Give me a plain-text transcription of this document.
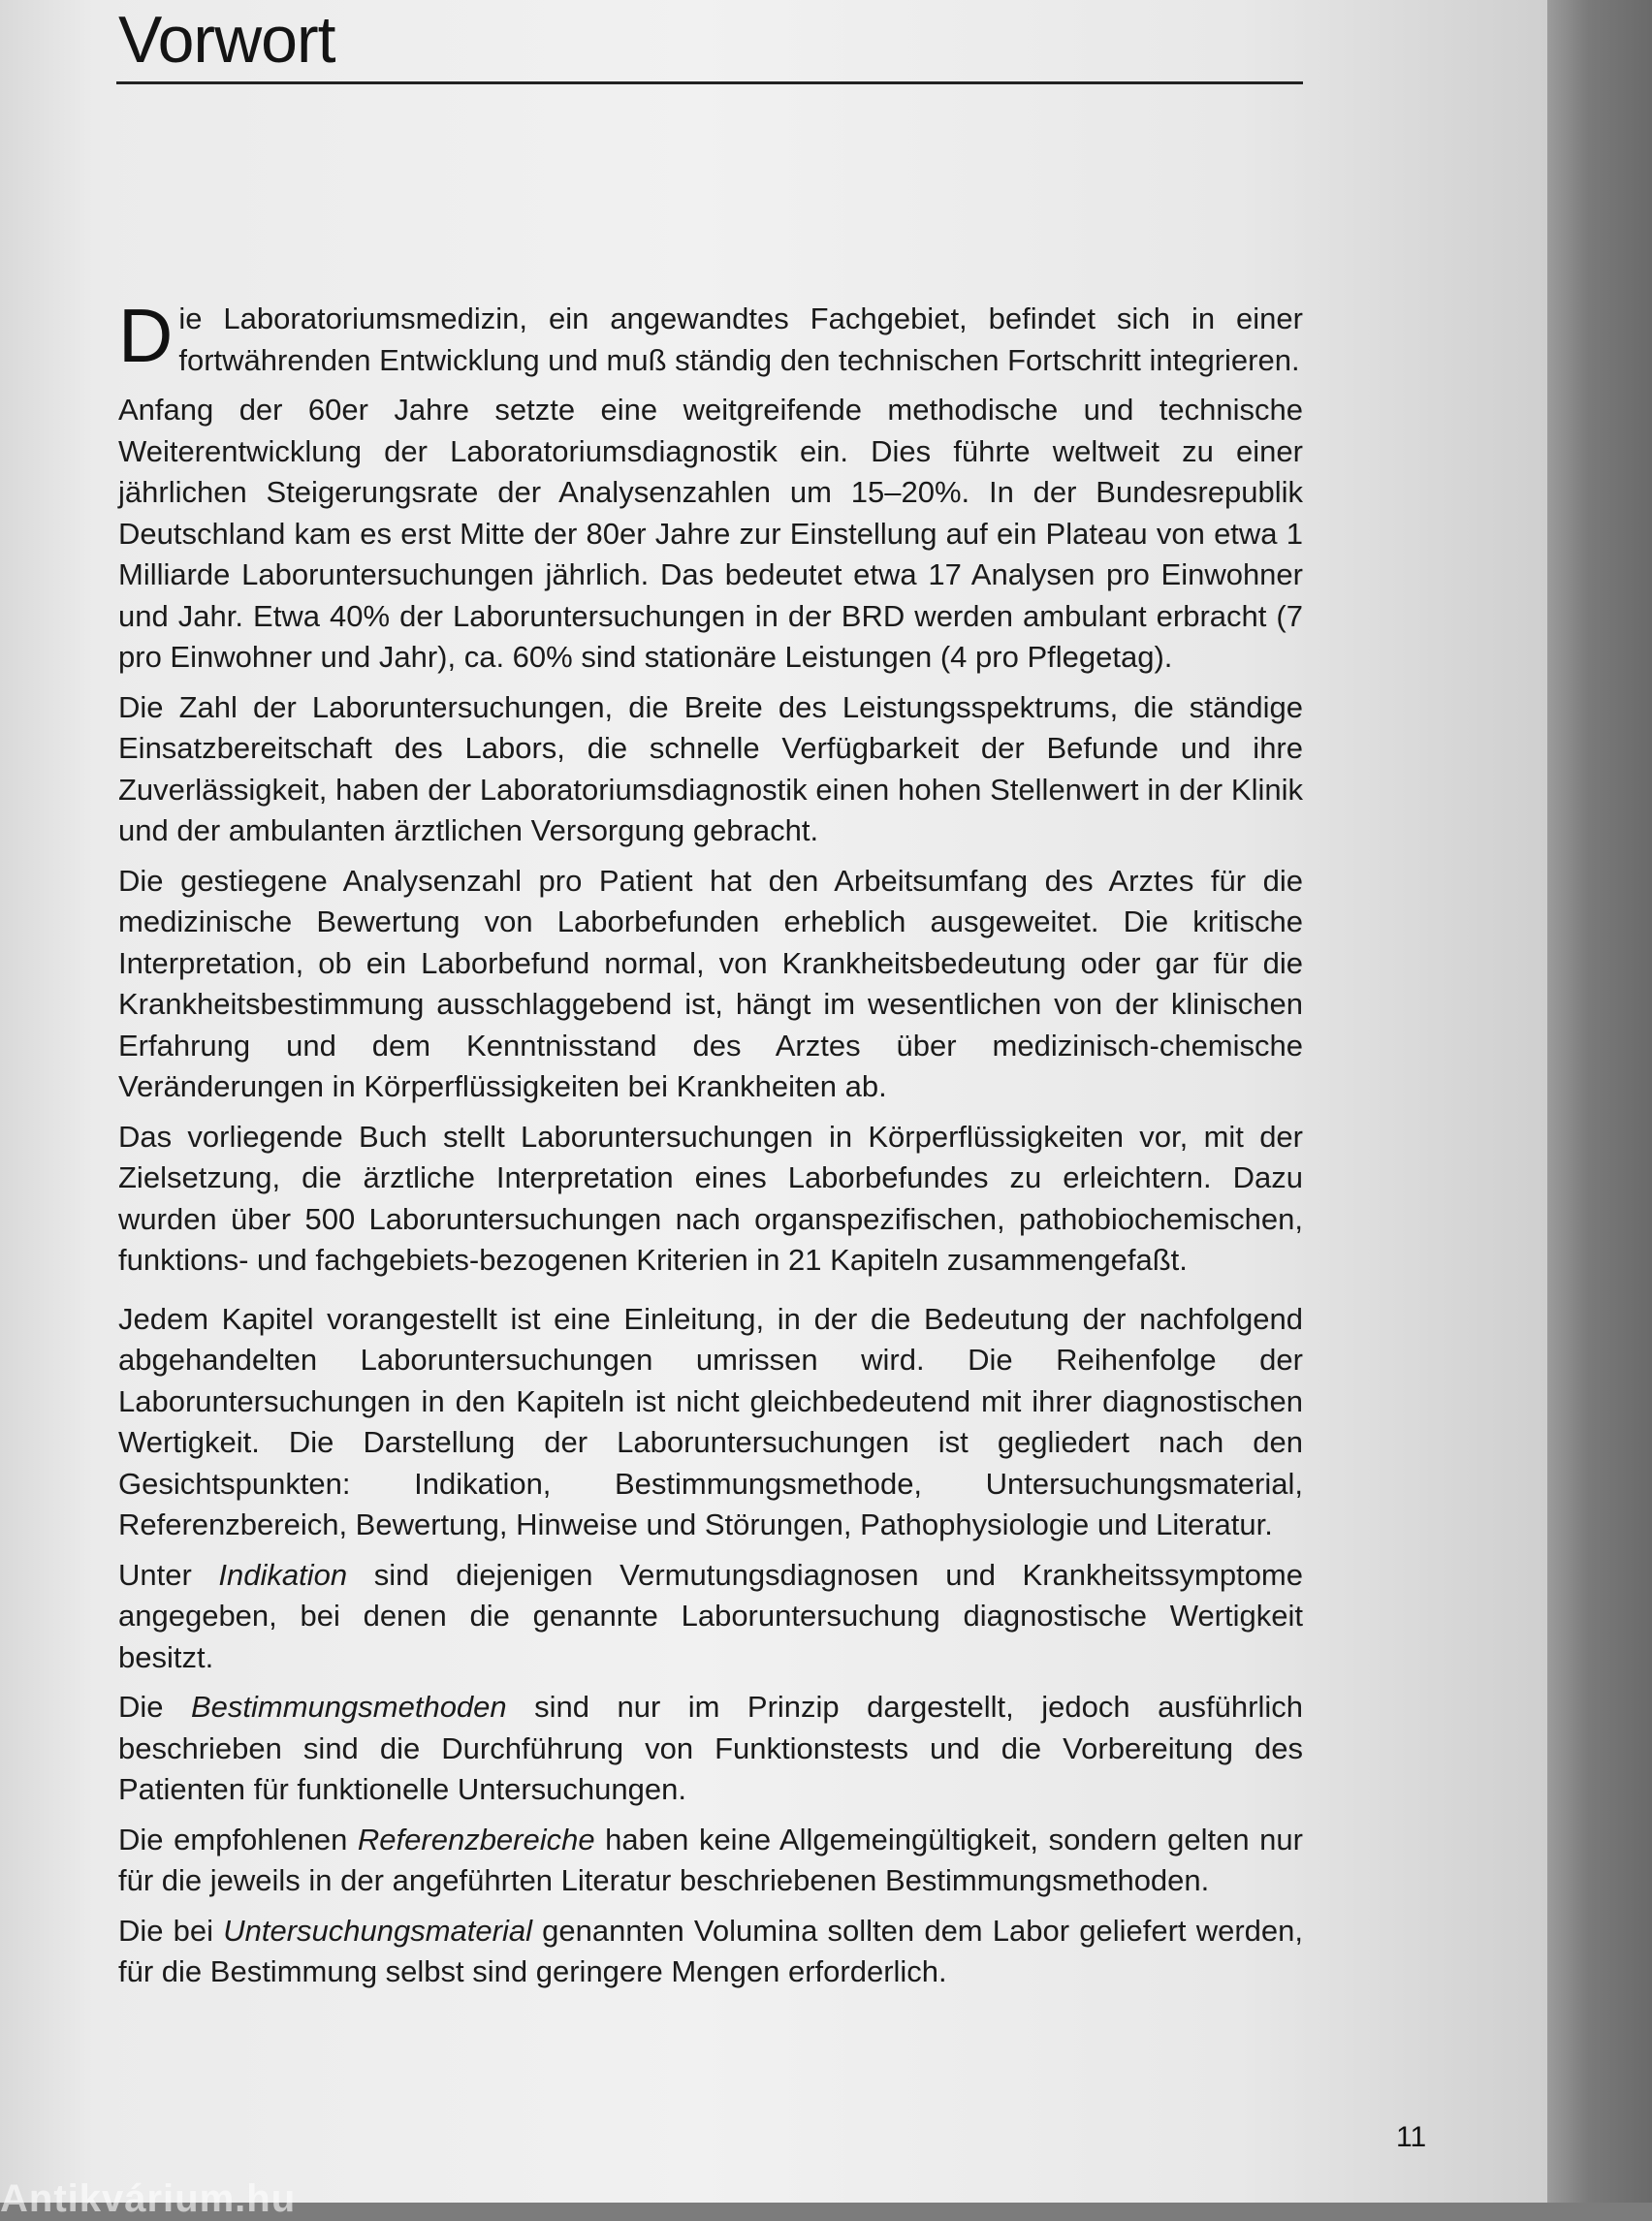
Vorwort

Die Laboratoriumsmedizin, ein angewandtes Fachgebiet, befindet sich in einer fortwährenden Entwicklung und muß ständig den technischen Fortschritt integrieren.

Anfang der 60er Jahre setzte eine weitgreifende methodische und technische Weiterentwicklung der Laboratoriumsdiagnostik ein. Dies führte weltweit zu einer jährlichen Steigerungsrate der Analysenzahlen um 15–20%. In der Bundesrepublik Deutschland kam es erst Mitte der 80er Jahre zur Einstellung auf ein Plateau von etwa 1 Milliarde Laboruntersuchungen jährlich. Das bedeutet etwa 17 Analysen pro Einwohner und Jahr. Etwa 40% der Laboruntersuchungen in der BRD werden ambulant erbracht (7 pro Einwohner und Jahr), ca. 60% sind stationäre Leistungen (4 pro Pflegetag).

Die Zahl der Laboruntersuchungen, die Breite des Leistungsspektrums, die ständige Einsatzbereitschaft des Labors, die schnelle Verfügbarkeit der Befunde und ihre Zuverlässigkeit, haben der Laboratoriumsdiagnostik einen hohen Stellenwert in der Klinik und der ambulanten ärztlichen Versorgung gebracht.

Die gestiegene Analysenzahl pro Patient hat den Arbeitsumfang des Arztes für die medizinische Bewertung von Laborbefunden erheblich ausgeweitet. Die kritische Interpretation, ob ein Laborbefund normal, von Krankheitsbedeutung oder gar für die Krankheitsbestimmung ausschlaggebend ist, hängt im wesentlichen von der klinischen Erfahrung und dem Kenntnisstand des Arztes über medizinisch-chemische Veränderungen in Körperflüssigkeiten bei Krankheiten ab.

Das vorliegende Buch stellt Laboruntersuchungen in Körperflüssigkeiten vor, mit der Zielsetzung, die ärztliche Interpretation eines Laborbefundes zu erleichtern. Dazu wurden über 500 Laboruntersuchungen nach organspezifischen, pathobiochemischen, funktions- und fachgebiets-bezogenen Kriterien in 21 Kapiteln zusammengefaßt.

Jedem Kapitel vorangestellt ist eine Einleitung, in der die Bedeutung der nachfolgend abgehandelten Laboruntersuchungen umrissen wird. Die Reihenfolge der Laboruntersuchungen in den Kapiteln ist nicht gleichbedeutend mit ihrer diagnostischen Wertigkeit. Die Darstellung der Laboruntersuchungen ist gegliedert nach den Gesichtspunkten: Indikation, Bestimmungsmethode, Untersuchungsmaterial, Referenzbereich, Bewertung, Hinweise und Störungen, Pathophysiologie und Literatur.

Unter Indikation sind diejenigen Vermutungsdiagnosen und Krankheitssymptome angegeben, bei denen die genannte Laboruntersuchung diagnostische Wertigkeit besitzt.

Die Bestimmungsmethoden sind nur im Prinzip dargestellt, jedoch ausführlich beschrieben sind die Durchführung von Funktionstests und die Vorbereitung des Patienten für funktionelle Untersuchungen.

Die empfohlenen Referenzbereiche haben keine Allgemeingültigkeit, sondern gelten nur für die jeweils in der angeführten Literatur beschriebenen Bestimmungsmethoden.

Die bei Untersuchungsmaterial genannten Volumina sollten dem Labor geliefert werden, für die Bestimmung selbst sind geringere Mengen erforderlich.

11
Antikvárium.hu
